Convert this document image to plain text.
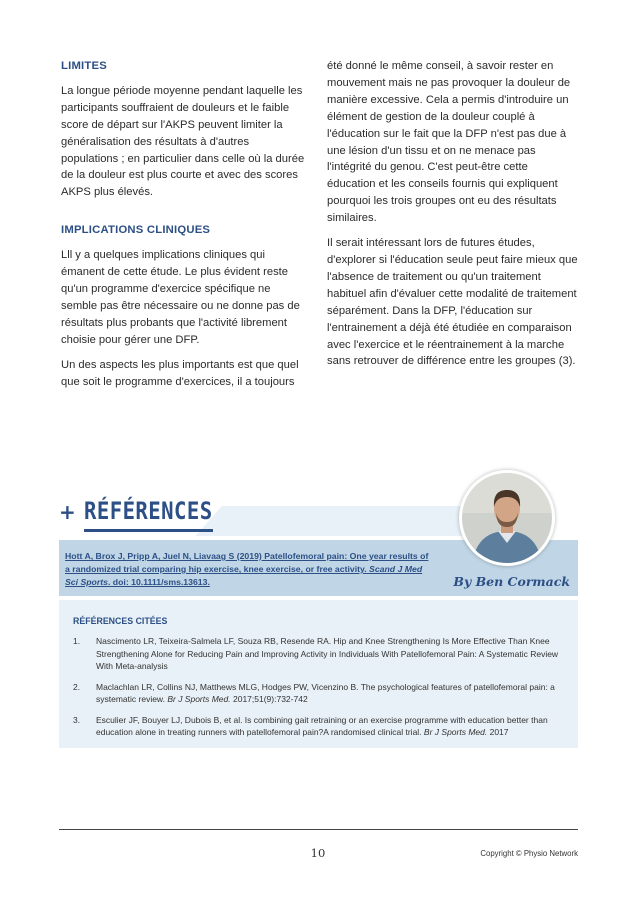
LIMITES

La longue période moyenne pendant laquelle les participants souffraient de douleurs et le faible score de départ sur l'AKPS peuvent limiter la généralisation des résultats à d'autres populations ; en particulier dans celle où la durée de la douleur est plus courte et avec des scores AKPS plus élevés.

IMPLICATIONS CLINIQUES

Lll y a quelques implications cliniques qui émanent de cette étude. Le plus évident reste qu'un programme d'exercice spécifique ne semble pas être nécessaire ou ne donne pas de résultats plus probants que l'activité librement choisie pour gérer une DFP.

Un des aspects les plus importants est que quel que soit le programme d'exercices, il a toujours

été donné le même conseil, à savoir rester en mouvement mais ne pas provoquer la douleur de manière excessive. Cela a permis d'introduire un élément de gestion de la douleur couplé à l'éducation sur le fait que la DFP n'est pas due à une lésion d'un tissu et on ne menace pas l'intégrité du genou. C'est peut-être cette éducation et les conseils fournis qui expliquent pourquoi les trois groupes ont eu des résultats similaires.

Il serait intéressant lors de futures études, d'explorer si l'éducation seule peut faire mieux que l'absence de traitement ou qu'un traitement habituel afin d'évaluer cette modalité de traitement séparément. Dans la DFP, l'éducation sur l'entrainement a déjà été étudiée en comparaison avec l'exercice et le réentrainement à la marche sans retrouver de différence entre les groupes (3).

+ RÉFÉRENCES
Hott A, Brox J, Pripp A, Juel N, Liavaag S (2019) Patellofemoral pain: One year results of a randomized trial comparing hip exercise, knee exercise, or free activity. Scand J Med Sci Sports. doi: 10.1111/sms.13613.	By Ben Cormack
RÉFÉRENCES CITÉES
1.	Nascimento LR, Teixeira-Salmela LF, Souza RB, Resende RA. Hip and Knee Strengthening Is More Effective Than Knee Strengthening Alone for Reducing Pain and Improving Activity in Individuals With Patellofemoral Pain: A Systematic Review With Meta-analysis
2.	Maclachlan LR, Collins NJ, Matthews MLG, Hodges PW, Vicenzino B. The psychological features of patellofemoral pain: a systematic review. Br J Sports Med. 2017;51(9):732-742
3.	Esculier JF, Bouyer LJ, Dubois B, et al. Is combining gait retraining or an exercise programme with education better than education alone in treating runners with patellofemoral pain?A randomised clinical trial. Br J Sports Med. 2017
10	Copyright © Physio Network
